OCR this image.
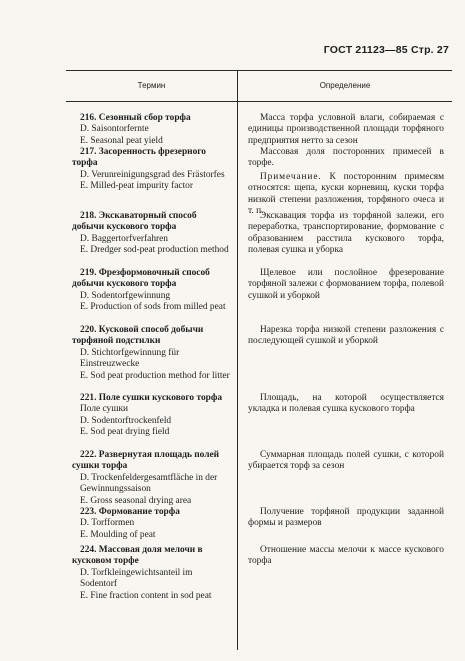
ГОСТ 21123—85 Стр. 27
Термин	Определение
216. Сезонный сбор торфа
D. Saisontorfernte
E. Seasonal peat yield

Масса торфа условной влаги, собираемая с единицы производственной площади торфяного предприятия нетто за сезон

217. Засоренность фрезерного торфа
D. Verunreinigungsgrad des Frästorfes
E. Milled-peat impurity factor

Массовая доля посторонних примесей в торфе.

Примечание. К посторонним примесям относятся: щепа, куски корневищ, куски торфа низкой степени разложения, торфяного очеса и т. п.

218. Экскаваторный способ добычи кускового торфа
D. Baggertorfverfahren
E. Dredger sod-peat production method

Экскавация торфа из торфяной залежи, его переработка, транспортирование, формование с образованием расстила кускового торфа, полевая сушка и уборка

219. Фрезформовочный способ добычи кускового торфа
D. Sodentorfgewinnung
E. Production of sods from milled peat

Щелевое или послойное фрезерование торфяной залежи с формованием торфа, полевой сушкой и уборкой

220. Кусковой способ добычи торфяной подстилки
D. Stichtorfgewinnung für Einstreuzwecke
E. Sod peat production method for litter

Нарезка торфа низкой степени разложения с последующей сушкой и уборкой

221. Поле сушки кускового торфа
Поле сушки
D. Sodentorftrockenfeld
E. Sod peat drying field

Площадь, на которой осуществляется укладка и полевая сушка кускового торфа

222. Развернутая площадь полей сушки торфа
D. Trockenfeldergesamtfläche in der Gewinnungssaison
E. Gross seasonal drying area

Суммарная площадь полей сушки, с которой убирается торф за сезон

223. Формование торфа
D. Torfformen
E. Moulding of peat

Получение торфяной продукции заданной формы и размеров

224. Массовая доля мелочи в кусковом торфе
D. Torfkleingewichtsanteil im Sodentorf
E. Fine fraction content in sod peat

Отношение массы мелочи к массе кускового торфа
